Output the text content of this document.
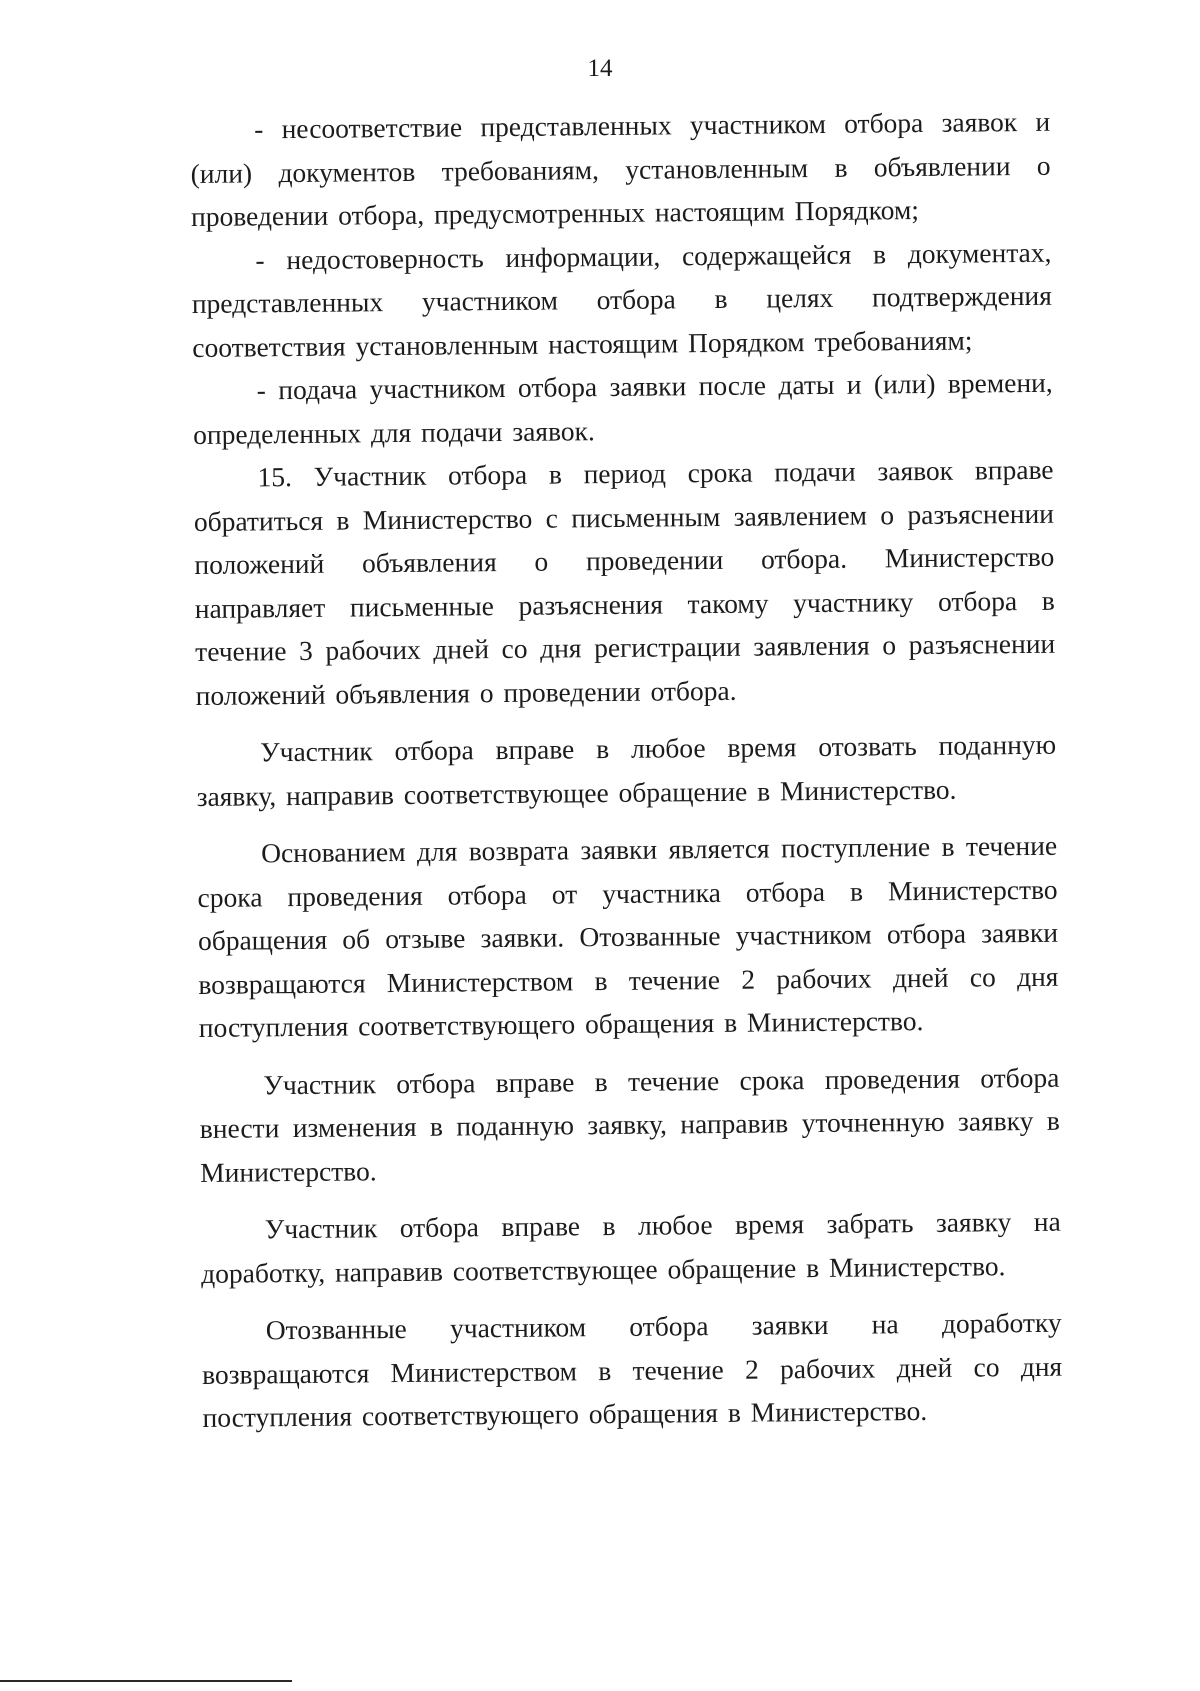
14

- несоответствие представленных участником отбора заявок и (или) документов требованиям, установленным в объявлении о проведении отбора, предусмотренных настоящим Порядком;

- недостоверность информации, содержащейся в документах, представленных участником отбора в целях подтверждения соответствия установленным настоящим Порядком требованиям;

- подача участником отбора заявки после даты и (или) времени, определенных для подачи заявок.

15. Участник отбора в период срока подачи заявок вправе обратиться в Министерство с письменным заявлением о разъяснении положений объявления о проведении отбора. Министерство направляет письменные разъяснения такому участнику отбора в течение 3 рабочих дней со дня регистрации заявления о разъяснении положений объявления о проведении отбора.

Участник отбора вправе в любое время отозвать поданную заявку, направив соответствующее обращение в Министерство.

Основанием для возврата заявки является поступление в течение срока проведения отбора от участника отбора в Министерство обращения об отзыве заявки. Отозванные участником отбора заявки возвращаются Министерством в течение 2 рабочих дней со дня поступления соответствующего обращения в Министерство.

Участник отбора вправе в течение срока проведения отбора внести изменения в поданную заявку, направив уточненную заявку в Министерство.

Участник отбора вправе в любое время забрать заявку на доработку, направив соответствующее обращение в Министерство.

Отозванные участником отбора заявки на доработку возвращаются Министерством в течение 2 рабочих дней со дня поступления соответствующего обращения в Министерство.
